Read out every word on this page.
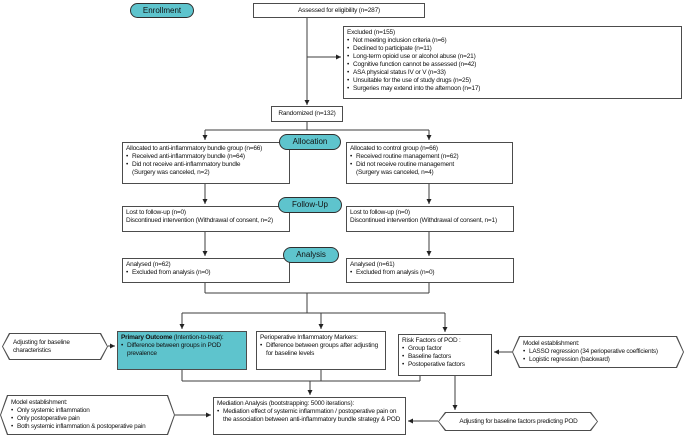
Enrollment
Allocation
Follow-Up
Analysis
Assessed for eligibility (n=287)
Excluded (n=155)
• Not meeting inclusion criteria (n=6)
• Declined to participate (n=11)
• Long-term opioid use or alcohol abuse (n=21)
• Cognitive function cannot be assessed (n=42)
• ASA physical status IV or V (n=33)
• Unsuitable for the use of study drugs (n=25)
• Surgeries may extend into the afternoon (n=17)
Randomized (n=132)
Allocated to anti-inflammatory bundle group (n=66)
• Received anti-inflammatory bundle (n=64)
• Did not receive anti-inflammatory bundle
(Surgery was canceled, n=2)
Allocated to control group (n=66)
• Received routine management (n=62)
• Did not receive routine management
(Surgery was canceled, n=4)
Lost to follow-up (n=0)
Discontinued intervention (Withdrawal of consent, n=2)
Lost to follow-up (n=0)
Discontinued intervention (Withdrawal of consent, n=1)
Analysed (n=62)
• Excluded from analysis (n=0)
Analysed (n=61)
• Excluded from analysis (n=0)
Primary Outcome (Intention-to-treat):
• Difference between groups in POD prevalence
Perioperative Inflammatory Markers:
• Difference between groups after adjusting for baseline levels
Risk Factors of POD :
• Group factor
• Baseline factors
• Postoperative factors
Mediation Analysis (bootstrapping: 5000 iterations):
• Mediation effect of systemic inflammation / postoperative pain on the association between anti-inflammatory bundle strategy & POD
Adjusting for baseline characteristics
Model establishment:
• LASSO regression (34 perioperative coefficients)
• Logistic regression (backward)
Model establishment:
• Only systemic inflammation
• Only postoperative pain
• Both systemic inflammation & postoperative pain
Adjusting for baseline factors predicting POD
